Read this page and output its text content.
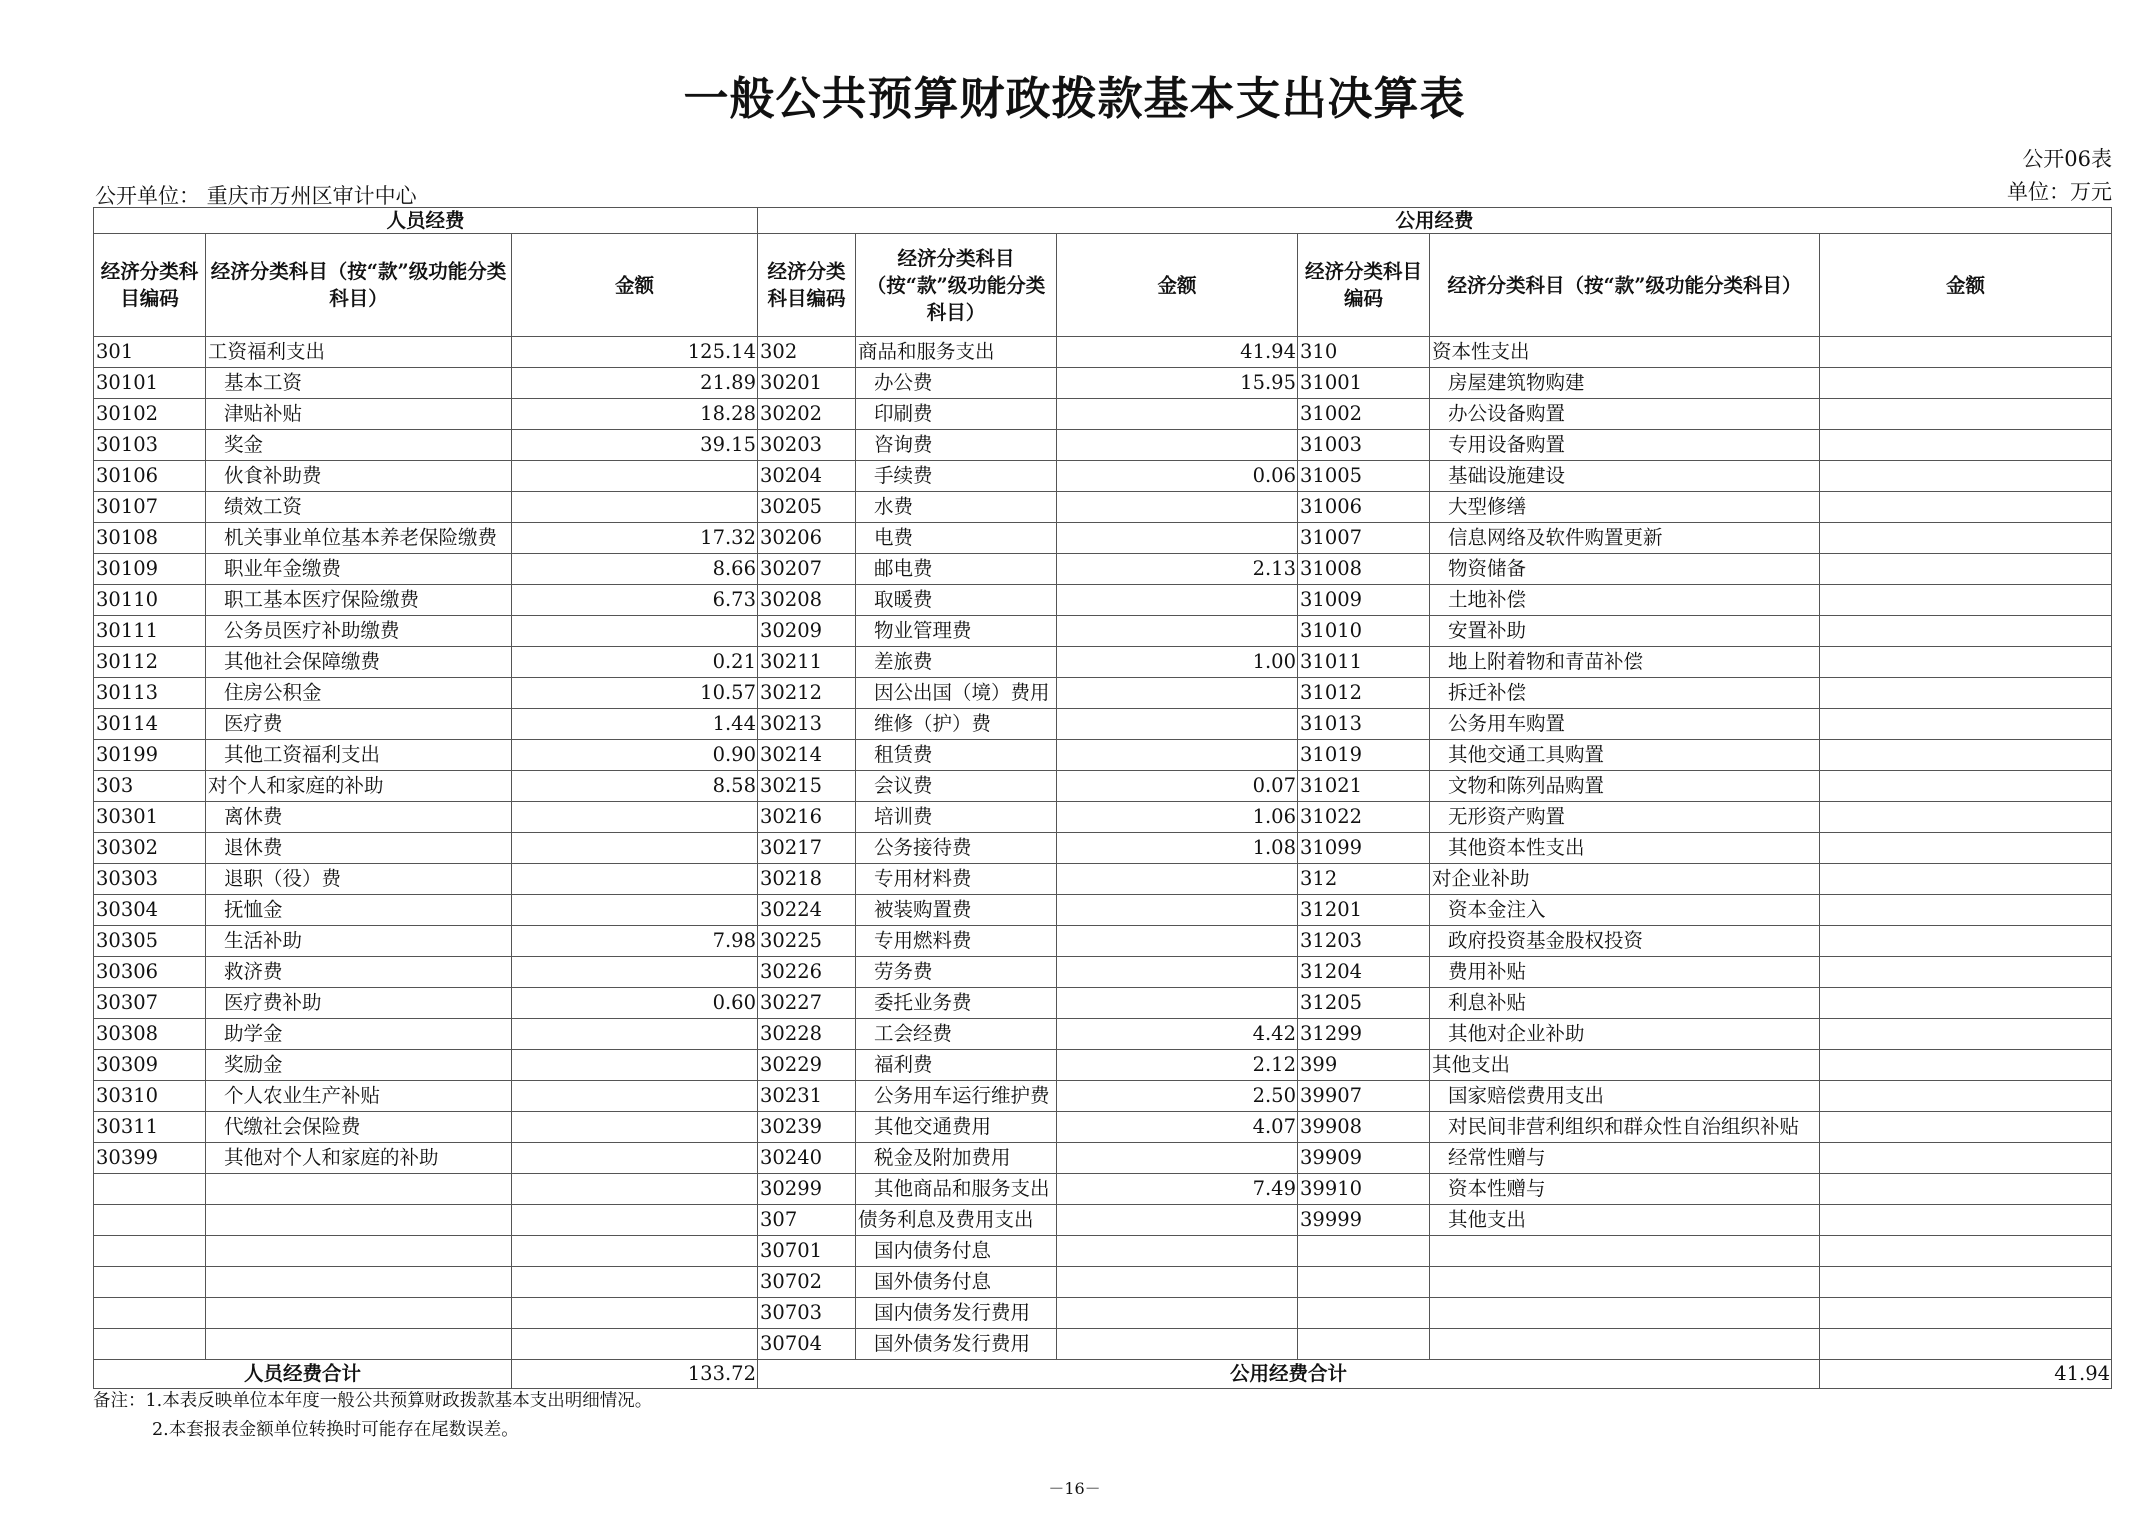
一般公共预算财政拨款基本支出决算表
公开06表
公开单位： 重庆市万州区审计中心	单位：万元
人员经费			公用经费					
经济分类科目编码	经济分类科目（按“款”级功能分类科目）	金额	经济分类科目编码	经济分类科目（按“款”级功能分类科目）	金额	经济分类科目编码	经济分类科目（按“款”级功能分类科目）	金额
301	工资福利支出	125.14	302	商品和服务支出	41.94	310	资本性支出	
30101	基本工资	21.89	30201	办公费	15.95	31001	房屋建筑物购建	
30102	津贴补贴	18.28	30202	印刷费		31002	办公设备购置	
30103	奖金	39.15	30203	咨询费		31003	专用设备购置	
30106	伙食补助费		30204	手续费	0.06	31005	基础设施建设	
30107	绩效工资		30205	水费		31006	大型修缮	
30108	机关事业单位基本养老保险缴费	17.32	30206	电费		31007	信息网络及软件购置更新	
30109	职业年金缴费	8.66	30207	邮电费	2.13	31008	物资储备	
30110	职工基本医疗保险缴费	6.73	30208	取暖费		31009	土地补偿	
30111	公务员医疗补助缴费		30209	物业管理费		31010	安置补助	
30112	其他社会保障缴费	0.21	30211	差旅费	1.00	31011	地上附着物和青苗补偿	
30113	住房公积金	10.57	30212	因公出国（境）费用		31012	拆迁补偿	
30114	医疗费	1.44	30213	维修（护）费		31013	公务用车购置	
30199	其他工资福利支出	0.90	30214	租赁费		31019	其他交通工具购置	
303	对个人和家庭的补助	8.58	30215	会议费	0.07	31021	文物和陈列品购置	
30301	离休费		30216	培训费	1.06	31022	无形资产购置	
30302	退休费		30217	公务接待费	1.08	31099	其他资本性支出	
30303	退职（役）费		30218	专用材料费		312	对企业补助	
30304	抚恤金		30224	被装购置费		31201	资本金注入	
30305	生活补助	7.98	30225	专用燃料费		31203	政府投资基金股权投资	
30306	救济费		30226	劳务费		31204	费用补贴	
30307	医疗费补助	0.60	30227	委托业务费		31205	利息补贴	
30308	助学金		30228	工会经费	4.42	31299	其他对企业补助	
30309	奖励金		30229	福利费	2.12	399	其他支出	
30310	个人农业生产补贴		30231	公务用车运行维护费	2.50	39907	国家赔偿费用支出	
30311	代缴社会保险费		30239	其他交通费用	4.07	39908	对民间非营利组织和群众性自治组织补贴	
30399	其他对个人和家庭的补助		30240	税金及附加费用		39909	经常性赠与	
			30299	其他商品和服务支出	7.49	39910	资本性赠与	
			307	债务利息及费用支出		39999	其他支出	
			30701	国内债务付息				
			30702	国外债务付息				
			30703	国内债务发行费用				
			30704	国外债务发行费用				
人员经费合计		133.72	公用经费合计					41.94
备注：1.本表反映单位本年度一般公共预算财政拨款基本支出明细情况。
2.本套报表金额单位转换时可能存在尾数误差。
－16－
